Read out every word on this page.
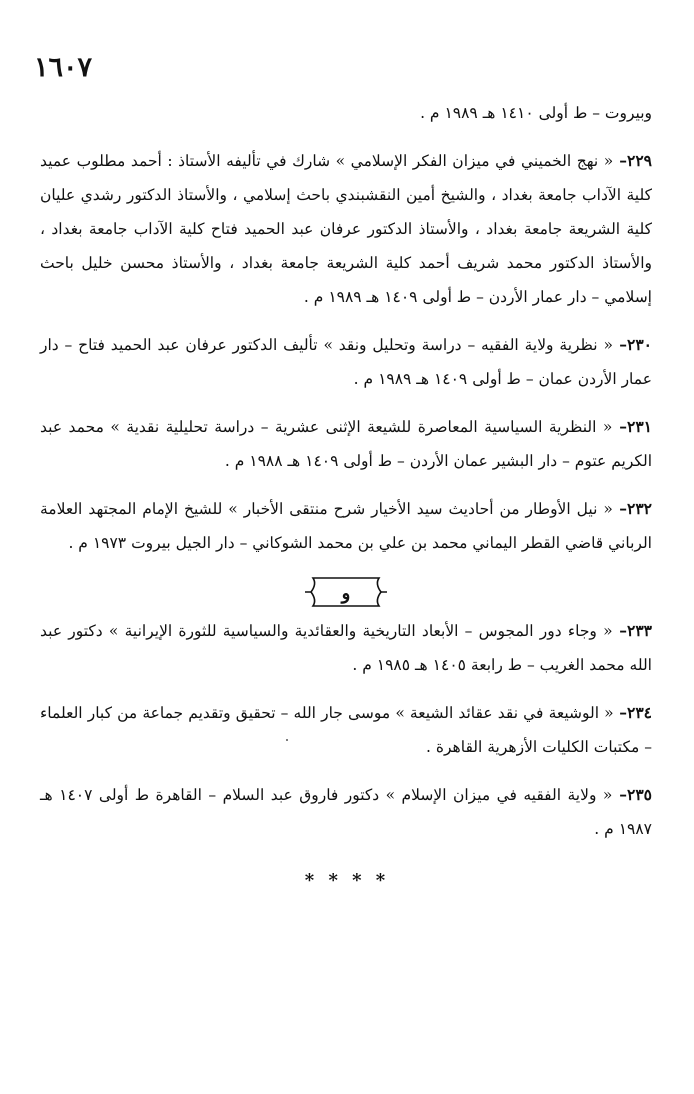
١٦٠٧

وبيروت – ط أولى ١٤١٠ هـ ١٩٨٩ م .

٢٢٩– « نهج الخميني في ميزان الفكر الإسلامي » شارك في تأليفه الأستاذ : أحمد مطلوب عميد كلية الآداب جامعة بغداد ، والشيخ أمين النقشبندي باحث إسلامي ، والأستاذ الدكتور رشدي عليان كلية الشريعة جامعة بغداد ، والأستاذ الدكتور عرفان عبد الحميد فتاح كلية الآداب جامعة بغداد ، والأستاذ الدكتور محمد شريف أحمد كلية الشريعة جامعة بغداد ، والأستاذ محسن خليل باحث إسلامي – دار عمار الأردن – ط أولى ١٤٠٩ هـ ١٩٨٩ م .

٢٣٠– « نظرية ولاية الفقيه – دراسة وتحليل ونقد » تأليف الدكتور عرفان عبد الحميد فتاح – دار عمار الأردن عمان – ط أولى ١٤٠٩ هـ ١٩٨٩ م .

٢٣١– « النظرية السياسية المعاصرة للشيعة الإثنى عشرية – دراسة تحليلية نقدية » محمد عبد الكريم عتوم – دار البشير عمان الأردن – ط أولى ١٤٠٩ هـ ١٩٨٨ م .

٢٣٢– « نيل الأوطار من أحاديث سيد الأخيار شرح منتقى الأخبار » للشيخ الإمام المجتهد العلامة الرباني قاضي القطر اليماني محمد بن علي بن محمد الشوكاني – دار الجيل بيروت ١٩٧٣ م .

و

٢٣٣– « وجاء دور المجوس – الأبعاد التاريخية والعقائدية والسياسية للثورة الإيرانية » دكتور عبد الله محمد الغريب – ط رابعة ١٤٠٥ هـ ١٩٨٥ م .

٢٣٤– « الوشيعة في نقد عقائد الشيعة » موسى جار الله – تحقيق وتقديم جماعة من كبار العلماء – مكتبات الكليات الأزهرية القاهرة .

٢٣٥– « ولاية الفقيه في ميزان الإسلام » دكتور فاروق عبد السلام – القاهرة ط أولى ١٤٠٧ هـ ١٩٨٧ م .

* * * *
